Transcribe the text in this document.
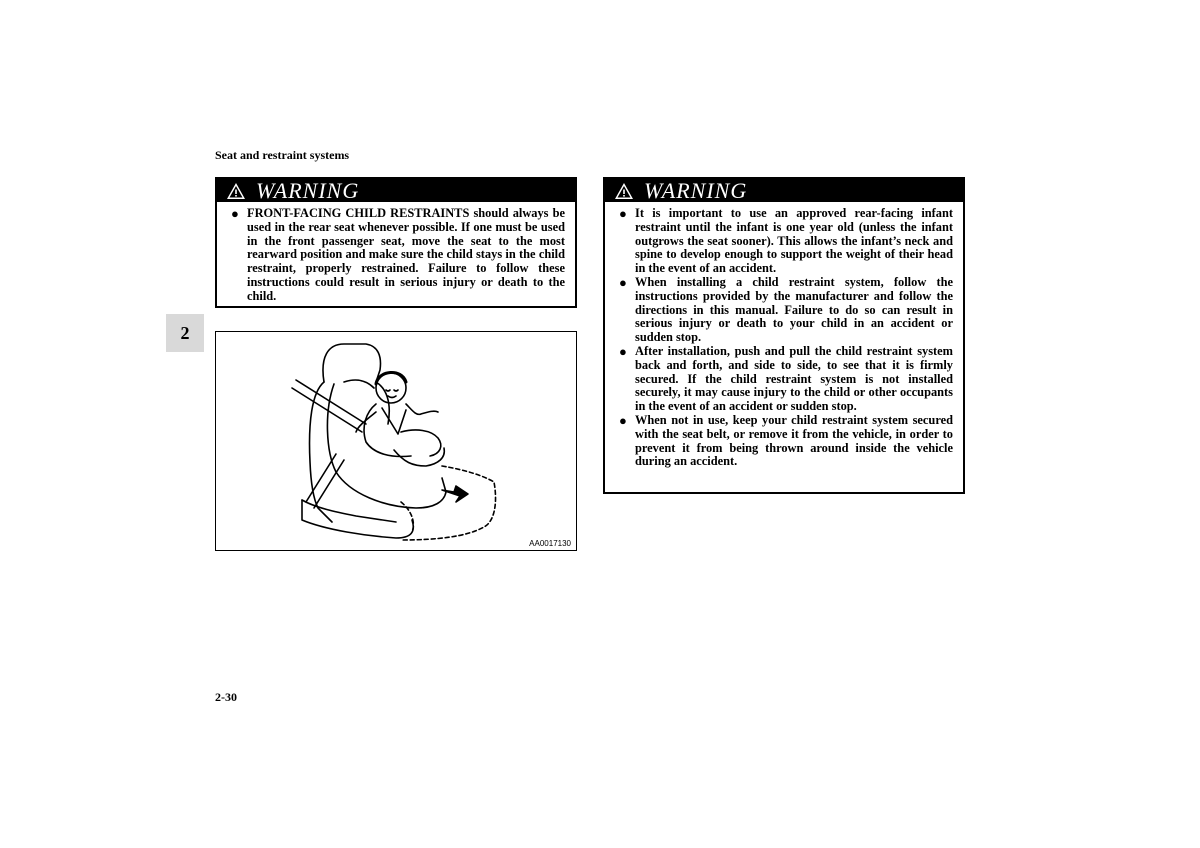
Seat and restraint systems
2
WARNING
● FRONT-FACING CHILD RESTRAINTS should always be used in the rear seat whenever possible. If one must be used in the front passenger seat, move the seat to the most rearward position and make sure the child stays in the child restraint, properly restrained. Failure to follow these instructions could result in serious injury or death to the child.
AA0017130
WARNING
● It is important to use an approved rear-facing infant restraint until the infant is one year old (unless the infant outgrows the seat sooner). This allows the infant’s neck and spine to develop enough to support the weight of their head in the event of an accident.
● When installing a child restraint system, follow the instructions provided by the manufacturer and follow the directions in this manual. Failure to do so can result in serious injury or death to your child in an accident or sudden stop.
● After installation, push and pull the child restraint system back and forth, and side to side, to see that it is firmly secured. If the child restraint system is not installed securely, it may cause injury to the child or other occupants in the event of an accident or sudden stop.
● When not in use, keep your child restraint system secured with the seat belt, or remove it from the vehicle, in order to prevent it from being thrown around inside the vehicle during an accident.
2-30
